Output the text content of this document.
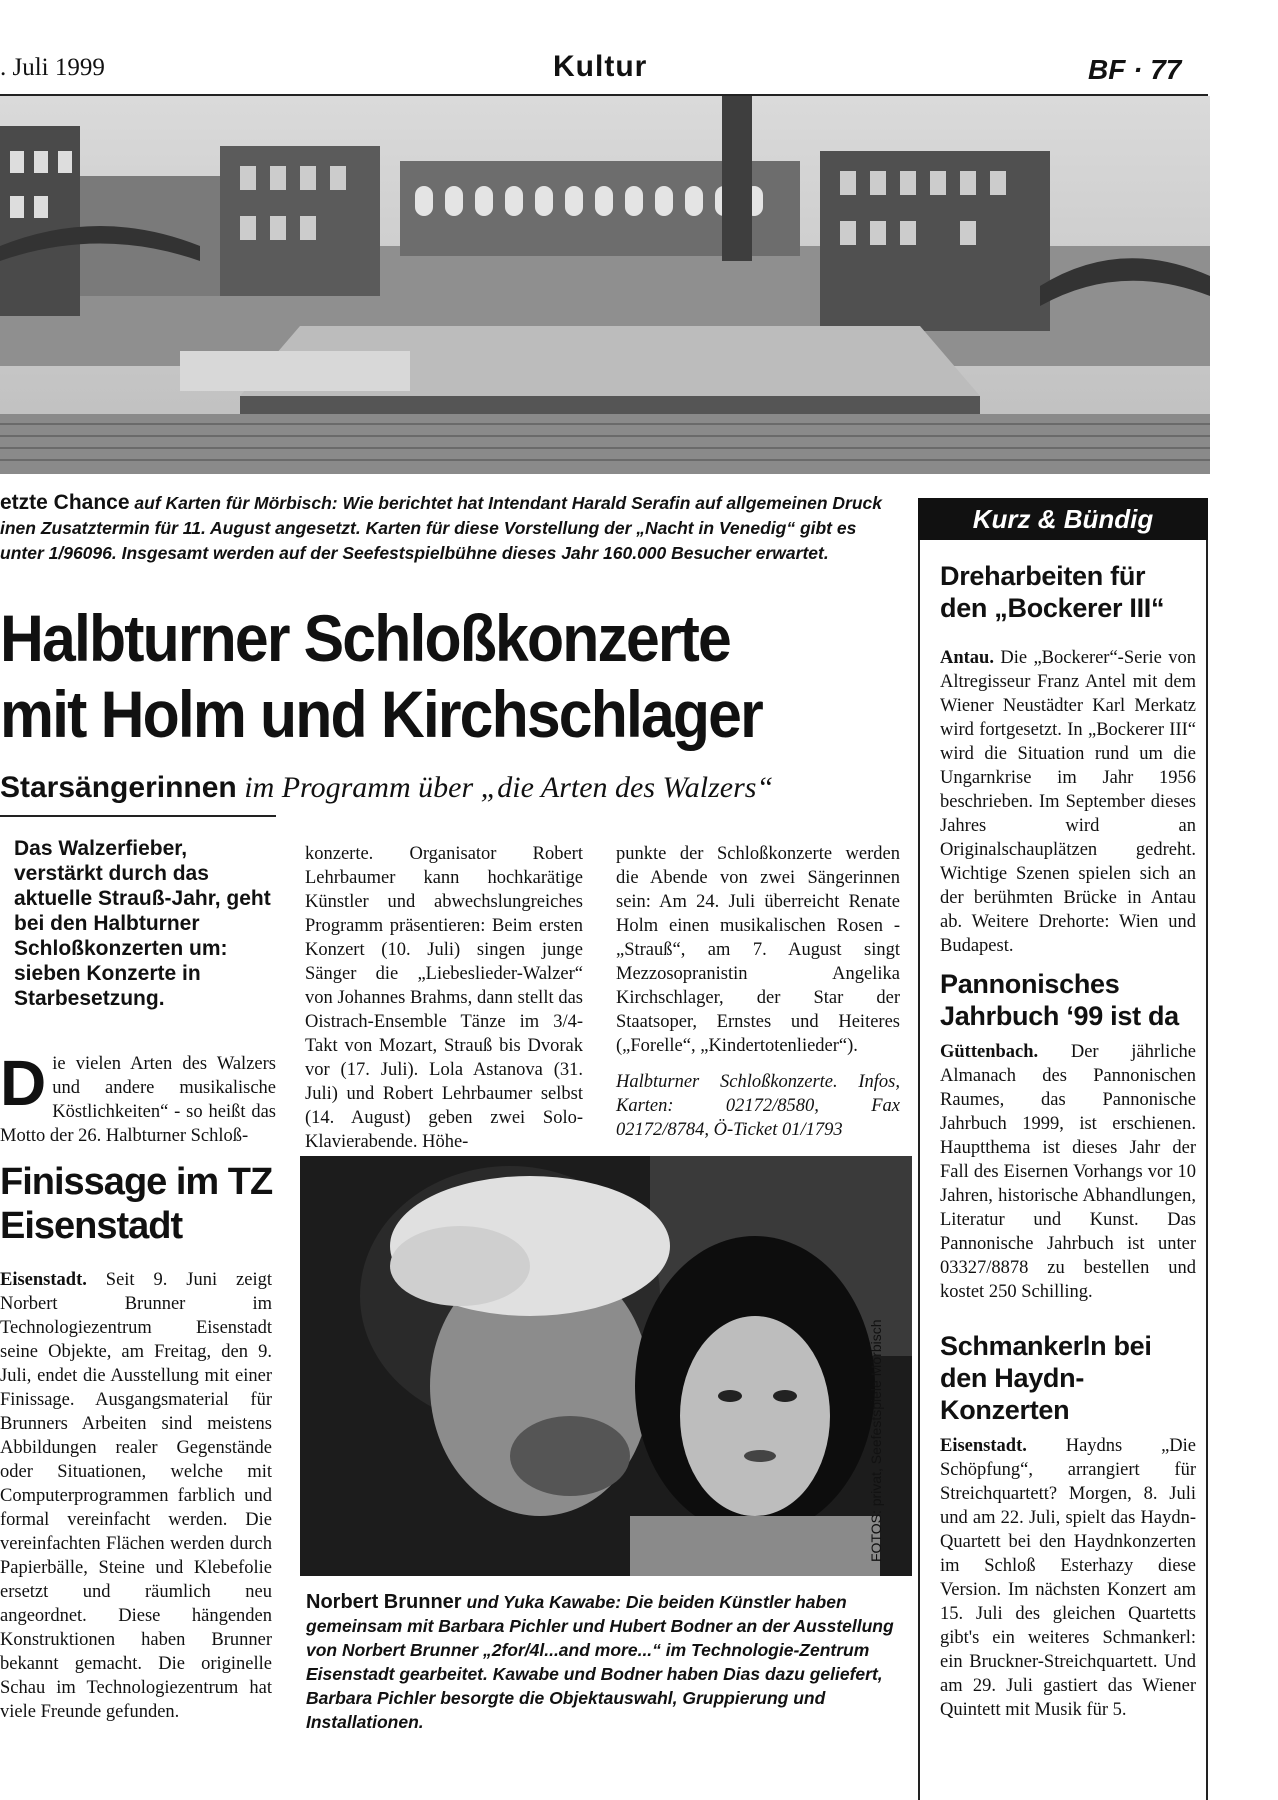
. Juli 1999	Kultur	BF · 77
etzte Chance auf Karten für Mörbisch: Wie berichtet hat Intendant Harald Serafin auf allgemeinen Druck inen Zusatztermin für 11. August angesetzt. Karten für diese Vorstellung der „Nacht in Venedig“ gibt es unter 1/96096. Insgesamt werden auf der Seefestspielbühne dieses Jahr 160.000 Besucher erwartet.
Kurz & Bündig
Dreharbeiten für den „Bockerer III“

Antau. Die „Bockerer“-Serie von Altregisseur Franz Antel mit dem Wiener Neustädter Karl Merkatz wird fortgesetzt. In „Bockerer III“ wird die Situation rund um die Ungarnkrise im Jahr 1956 beschrieben. Im September dieses Jahres wird an Originalschauplätzen gedreht. Wichtige Szenen spielen sich an der berühmten Brücke in Antau ab. Weitere Drehorte: Wien und Budapest.

Pannonisches Jahrbuch ‘99 ist da

Güttenbach. Der jährliche Almanach des Pannonischen Raumes, das Pannonische Jahrbuch 1999, ist erschienen. Hauptthema ist dieses Jahr der Fall des Eisernen Vorhangs vor 10 Jahren, historische Abhandlungen, Literatur und Kunst. Das Pannonische Jahrbuch ist unter 03327/8878 zu bestellen und kostet 250 Schilling.

Schmankerln bei den Haydn-Konzerten

Eisenstadt. Haydns „Die Schöpfung“, arrangiert für Streichquartett? Morgen, 8. Juli und am 22. Juli, spielt das Haydn-Quartett bei den Haydnkonzerten im Schloß Esterhazy diese Version. Im nächsten Konzert am 15. Juli des gleichen Quartetts gibt's ein weiteres Schmankerl: ein Bruckner-Streichquartett. Und am 29. Juli gastiert das Wiener Quintett mit Musik für 5.

Halbturner Schloßkonzerte
mit Holm und Kirchschlager
Starsängerinnen im Programm über „die Arten des Walzers“
Das Walzerfieber, verstärkt durch das aktuelle Strauß-Jahr, geht bei den Halbturner Schloßkonzerten um: sieben Konzerte in Starbesetzung.

Die vielen Arten des Walzers und andere musikalische Köstlichkeiten“ - so heißt das Motto der 26. Halbturner Schloß-

konzerte. Organisator Robert Lehrbaumer kann hochkarätige Künstler und abwechslungreiches Programm präsentieren: Beim ersten Konzert (10. Juli) singen junge Sänger die „Liebeslieder-Walzer“ von Johannes Brahms, dann stellt das Oistrach-Ensemble Tänze im 3/4-Takt von Mozart, Strauß bis Dvorak vor (17. Juli). Lola Astanova (31. Juli) und Robert Lehrbaumer selbst (14. August) geben zwei Solo-Klavierabende. Höhe-

punkte der Schloßkonzerte werden die Abende von zwei Sängerinnen sein: Am 24. Juli überreicht Renate Holm einen musikalischen Rosen -„Strauß“, am 7. August singt Mezzosopranistin Angelika Kirchschlager, der Star der Staatsoper, Ernstes und Heiteres („Forelle“, „Kindertotenlieder“).

Halbturner Schloßkonzerte. Infos, Karten: 02172/8580, Fax 02172/8784, Ö-Ticket 01/1793

Finissage im TZ
Eisenstadt

Eisenstadt. Seit 9. Juni zeigt Norbert Brunner im Technologiezentrum Eisenstadt seine Objekte, am Freitag, den 9. Juli, endet die Ausstellung mit einer Finissage. Ausgangsmaterial für Brunners Arbeiten sind meistens Abbildungen realer Gegenstände oder Situationen, welche mit Computerprogrammen farblich und formal vereinfacht werden. Die vereinfachten Flächen werden durch Papierbälle, Steine und Klebefolie ersetzt und räumlich neu angeordnet. Diese hängenden Konstruktionen haben Brunner bekannt gemacht. Die originelle Schau im Technologiezentrum hat viele Freunde gefunden.

FOTOS: privat, Seefestspiele Mörbisch
Norbert Brunner und Yuka Kawabe: Die beiden Künstler haben gemeinsam mit Barbara Pichler und Hubert Bodner an der Ausstellung von Norbert Brunner „2for/4l...and more...“ im Technologie-Zentrum Eisenstadt gearbeitet. Kawabe und Bodner haben Dias dazu geliefert, Barbara Pichler besorgte die Objektauswahl, Gruppierung und Installationen.
